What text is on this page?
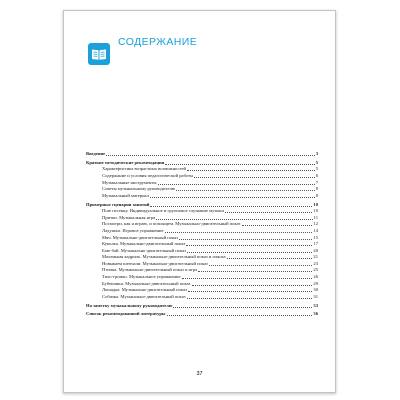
СОДЕРЖАНИЕ
Введение	3
Краткие методические рекомендации	5
Характеристика возрастных возможностей	5
Содержание и условия педагогической работы	6
Музыкальные инструменты	7
Советы музыкальному руководителю	8
Музыкальный материал	8
Примерные сценарии занятий	10
Пою песенку. Индивидуальное и групповое слушание музыки	10
Притки. Музыкальная игра	11
Посмотри, как я играю, и поплящем. Музыкально-двигательный показ	12
Ладушки. Игровое упражнение	14
Мяч. Музыкально-двигательный показ	15
Куколка. Музыкально-двигательный показ	17
Баю-бай. Музыкально-двигательный показ	20
Маленькая кадриль. Музыкально-двигательный показ и пляска	21
Новыкаем шепчали. Музыкально-двигательный показ	23
Птичка. Музыкально-двигательный показ и игра	25
Тихо-громко. Музыкальное упражнение	26
Бубенчики. Музыкально-двигательный показ	29
Лошадка. Музыкально-двигательный показ	30
Собачка. Музыкально-двигательный показ	31
На заметку музыкальному руководителю	33
Список рекомендованной литературы	36
37
